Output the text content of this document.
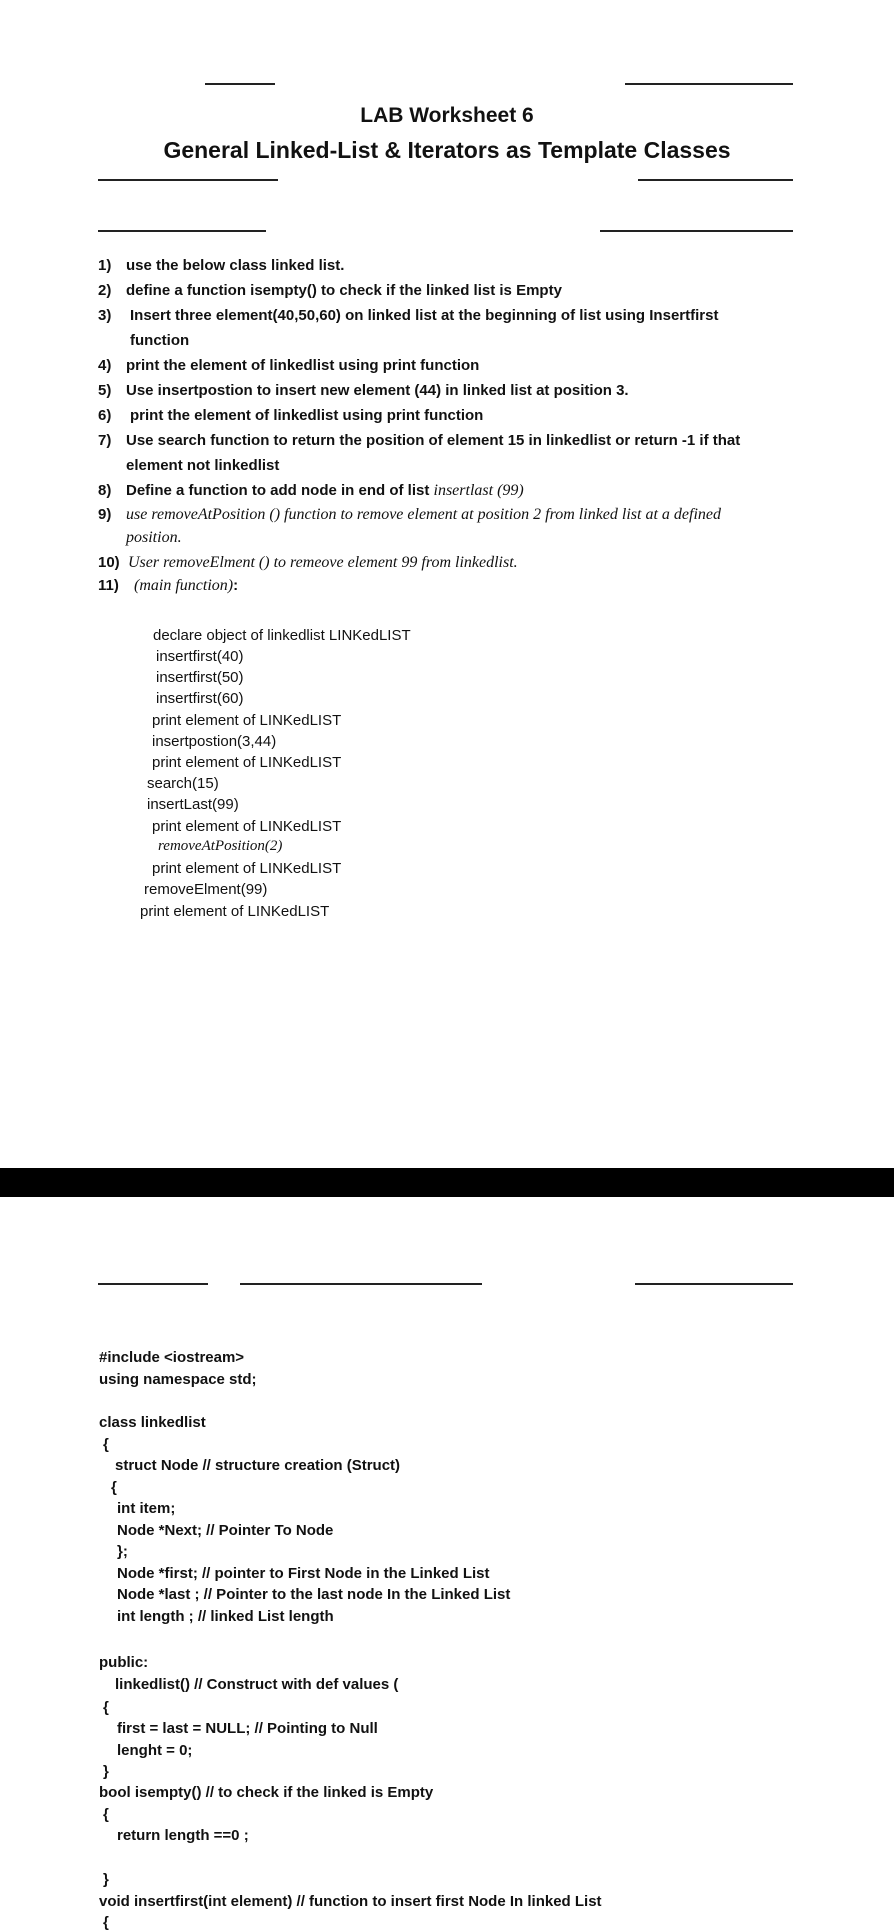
LAB Worksheet 6
General Linked-List & Iterators as Template Classes
1) use the below class linked list.
2) define a function isempty() to check if the linked list is Empty
3)	Insert three element(40,50,60) on linked list at the beginning of list using Insertfirst
function
4) print the element of linkedlist using print function
5) Use insertpostion to insert new element (44) in linked list at position 3.
6)	print the element of linkedlist using print function
7) Use search function to return the position of element 15 in linkedlist or return -1 if that
element not linkedlist
8) Define a function to add node in end of list insertlast (99)
9) use removeAtPosition () function to remove element at position 2 from linked list at a defined
position.
10) User removeElment () to remeove element 99 from linkedlist.
11) (main function):
declare object of linkedlist LINKedLIST
insertfirst(40)
insertfirst(50)
insertfirst(60)
print element of LINKedLIST
insertpostion(3,44)
print element of LINKedLIST
search(15)
insertLast(99)
print element of LINKedLIST
removeAtPosition(2)
print element of LINKedLIST
removeElment(99)
print element of LINKedLIST
#include <iostream>
using namespace std;
class linkedlist
{
struct Node // structure creation (Struct)
{
int item;
Node *Next; // Pointer To Node
};
Node *first; // pointer to First Node in the Linked List
Node *last ; // Pointer to the last node In the Linked List
int length ; // linked List length
public:
linkedlist() // Construct with def values (
{
first = last = NULL; // Pointing to Null
lenght = 0;
}
bool isempty() // to check if the linked is Empty
{
return length ==0 ;
}
void insertfirst(int element) // function to insert first Node In linked List
{
